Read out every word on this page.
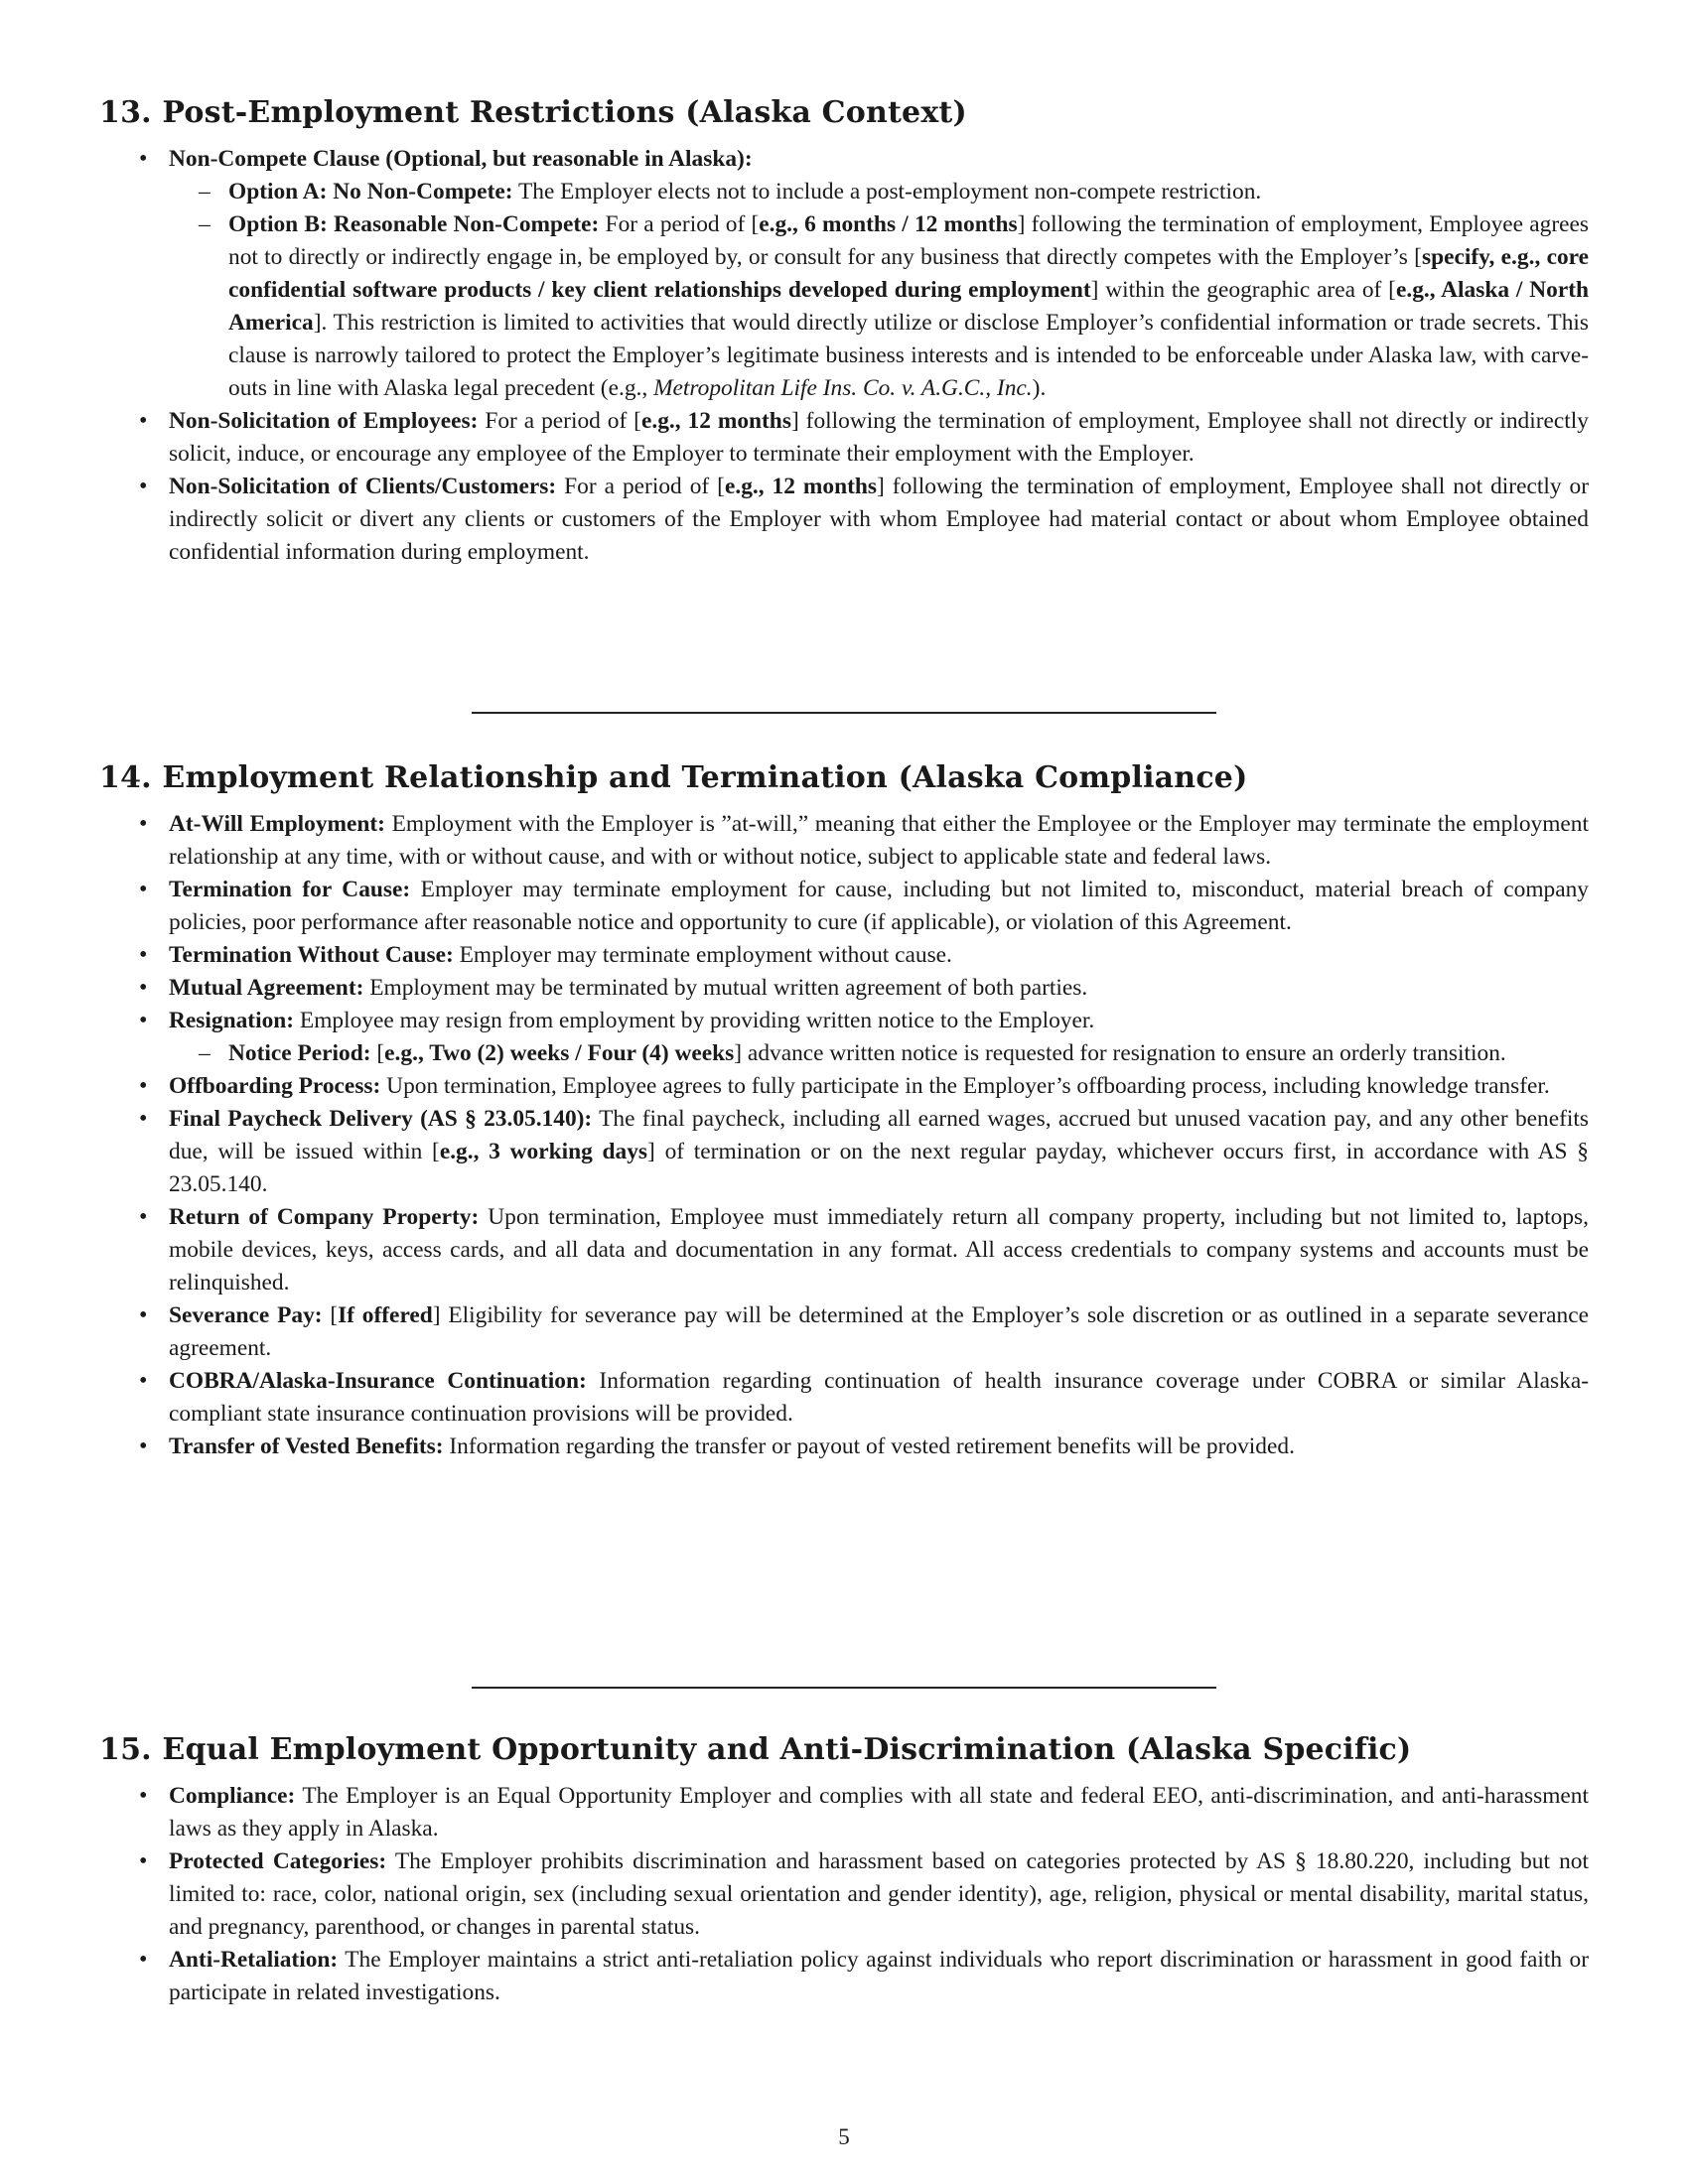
13. Post-Employment Restrictions (Alaska Context)
• Non-Compete Clause (Optional, but reasonable in Alaska):
– Option A: No Non-Compete: The Employer elects not to include a post-employment non-compete restriction.
– Option B: Reasonable Non-Compete: For a period of [e.g., 6 months / 12 months] following the termination of employment, Employee agrees not to directly or indirectly engage in, be employed by, or consult for any business that directly competes with the Employer’s [specify, e.g., core confidential software products / key client relationships developed during employment] within the geographic area of [e.g., Alaska / North America]. This restriction is limited to activities that would directly utilize or disclose Employer’s confidential information or trade secrets. This clause is narrowly tailored to protect the Employer’s legitimate business interests and is intended to be enforceable under Alaska law, with carve-outs in line with Alaska legal precedent (e.g., Metropolitan Life Ins. Co. v. A.G.C., Inc.).
• Non-Solicitation of Employees: For a period of [e.g., 12 months] following the termination of employment, Employee shall not directly or indirectly solicit, induce, or encourage any employee of the Employer to terminate their employment with the Employer.
• Non-Solicitation of Clients/Customers: For a period of [e.g., 12 months] following the termination of employment, Employee shall not directly or indirectly solicit or divert any clients or customers of the Employer with whom Employee had material contact or about whom Employee obtained confidential information during employment.
14. Employment Relationship and Termination (Alaska Compliance)
• At-Will Employment: Employment with the Employer is ”at-will,” meaning that either the Employee or the Employer may terminate the employment relationship at any time, with or without cause, and with or without notice, subject to applicable state and federal laws.
• Termination for Cause: Employer may terminate employment for cause, including but not limited to, misconduct, material breach of company policies, poor performance after reasonable notice and opportunity to cure (if applicable), or violation of this Agreement.
• Termination Without Cause: Employer may terminate employment without cause.
• Mutual Agreement: Employment may be terminated by mutual written agreement of both parties.
• Resignation: Employee may resign from employment by providing written notice to the Employer.
– Notice Period: [e.g., Two (2) weeks / Four (4) weeks] advance written notice is requested for resignation to ensure an orderly transition.
• Offboarding Process: Upon termination, Employee agrees to fully participate in the Employer’s offboarding process, including knowledge transfer.
• Final Paycheck Delivery (AS § 23.05.140): The final paycheck, including all earned wages, accrued but unused vacation pay, and any other benefits due, will be issued within [e.g., 3 working days] of termination or on the next regular payday, whichever occurs first, in accordance with AS § 23.05.140.
• Return of Company Property: Upon termination, Employee must immediately return all company property, including but not limited to, laptops, mobile devices, keys, access cards, and all data and documentation in any format. All access credentials to company systems and accounts must be relinquished.
• Severance Pay: [If offered] Eligibility for severance pay will be determined at the Employer’s sole discretion or as outlined in a separate severance agreement.
• COBRA/Alaska-Insurance Continuation: Information regarding continuation of health insurance coverage under COBRA or similar Alaska-compliant state insurance continuation provisions will be provided.
• Transfer of Vested Benefits: Information regarding the transfer or payout of vested retirement benefits will be provided.
15. Equal Employment Opportunity and Anti-Discrimination (Alaska Specific)
• Compliance: The Employer is an Equal Opportunity Employer and complies with all state and federal EEO, anti-discrimination, and anti-harassment laws as they apply in Alaska.
• Protected Categories: The Employer prohibits discrimination and harassment based on categories protected by AS § 18.80.220, including but not limited to: race, color, national origin, sex (including sexual orientation and gender identity), age, religion, physical or mental disability, marital status, and pregnancy, parenthood, or changes in parental status.
• Anti-Retaliation: The Employer maintains a strict anti-retaliation policy against individuals who report discrimination or harassment in good faith or participate in related investigations.
5
